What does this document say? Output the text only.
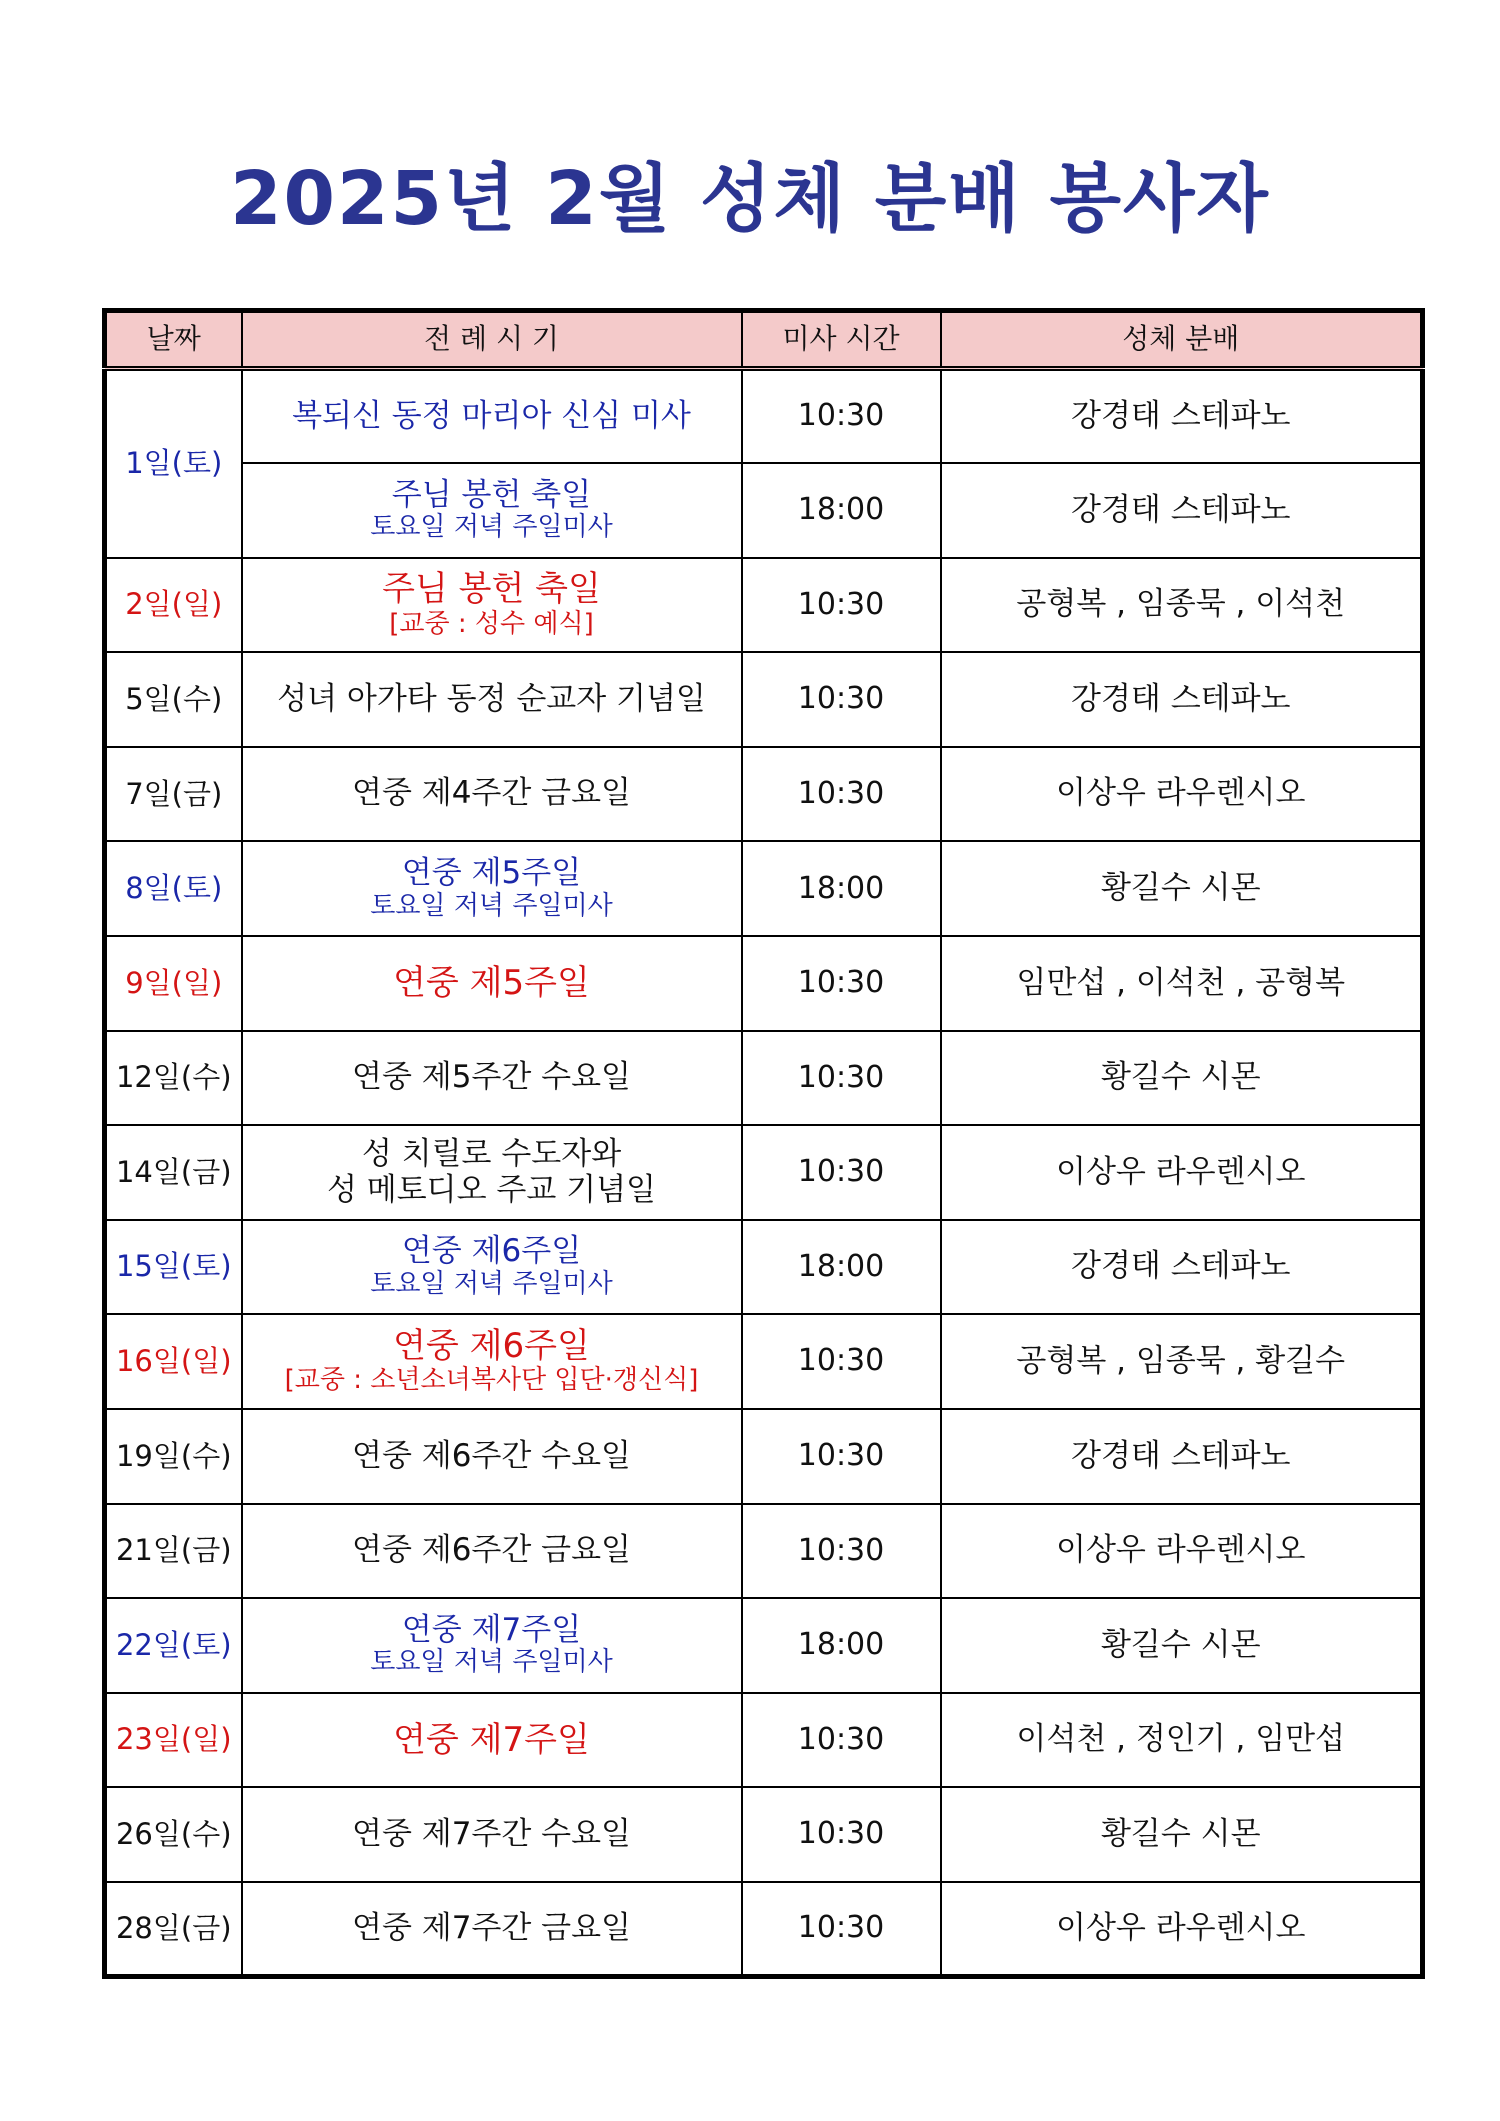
2025년 2월 성체 분배 봉사자
날짜	전 례 시 기	미사 시간	성체 분배
1일(토)	복되신 동정 마리아 신심 미사	10:30	강경태 스테파노

	주님 봉헌 축일
토요일 저녁 주일미사	18:00	강경태 스테파노
2일(일)	주님 봉헌 축일
[교중 : 성수 예식]	10:30	공형복 , 임종묵 , 이석천
5일(수)	성녀 아가타 동정 순교자 기념일	10:30	강경태 스테파노
7일(금)	연중 제4주간 금요일	10:30	이상우 라우렌시오
8일(토)	연중 제5주일
토요일 저녁 주일미사	18:00	황길수 시몬
9일(일)	연중 제5주일	10:30	임만섭 , 이석천 , 공형복
12일(수)	연중 제5주간 수요일	10:30	황길수 시몬
14일(금)	성 치릴로 수도자와
성 메토디오 주교 기념일	10:30	이상우 라우렌시오
15일(토)	연중 제6주일
토요일 저녁 주일미사	18:00	강경태 스테파노
16일(일)	연중 제6주일
[교중 : 소년소녀복사단 입단·갱신식]	10:30	공형복 , 임종묵 , 황길수
19일(수)	연중 제6주간 수요일	10:30	강경태 스테파노
21일(금)	연중 제6주간 금요일	10:30	이상우 라우렌시오
22일(토)	연중 제7주일
토요일 저녁 주일미사	18:00	황길수 시몬
23일(일)	연중 제7주일	10:30	이석천 , 정인기 , 임만섭
26일(수)	연중 제7주간 수요일	10:30	황길수 시몬
28일(금)	연중 제7주간 금요일	10:30	이상우 라우렌시오
